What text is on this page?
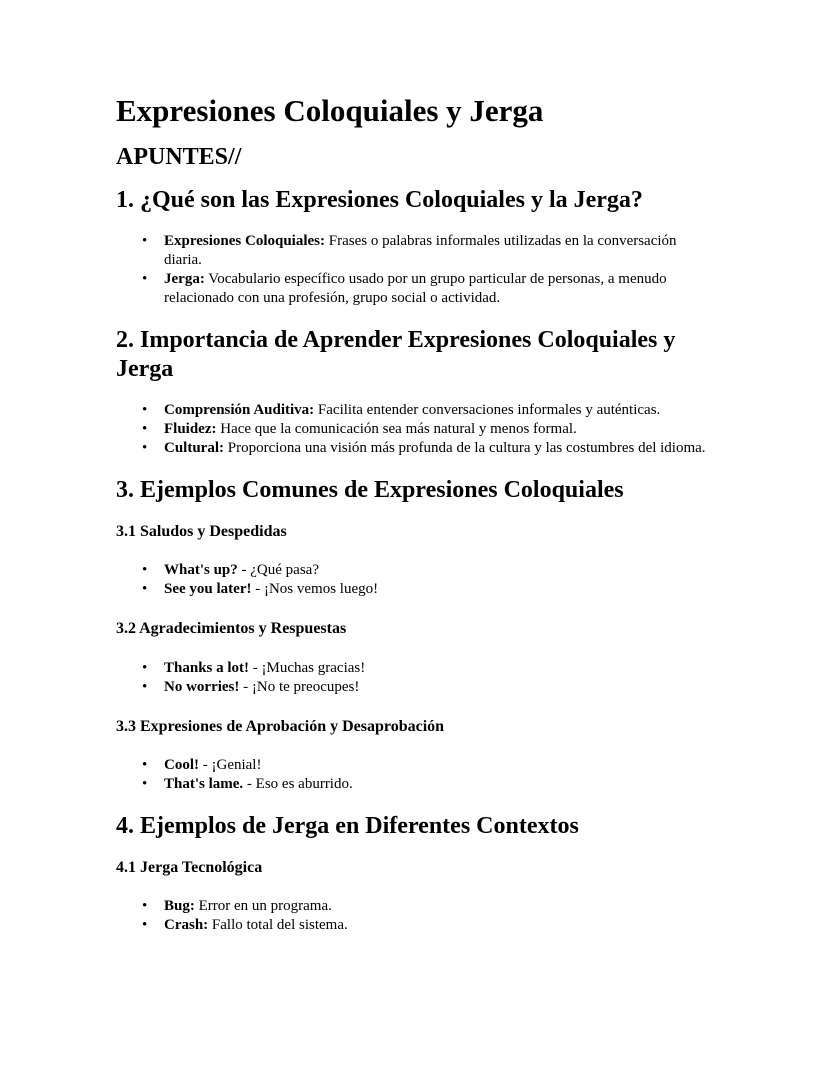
Expresiones Coloquiales y Jerga
APUNTES//
1. ¿Qué son las Expresiones Coloquiales y la Jerga?
• Expresiones Coloquiales: Frases o palabras informales utilizadas en la conversación diaria.
• Jerga: Vocabulario específico usado por un grupo particular de personas, a menudo relacionado con una profesión, grupo social o actividad.
2. Importancia de Aprender Expresiones Coloquiales y Jerga
• Comprensión Auditiva: Facilita entender conversaciones informales y auténticas.
• Fluidez: Hace que la comunicación sea más natural y menos formal.
• Cultural: Proporciona una visión más profunda de la cultura y las costumbres del idioma.
3. Ejemplos Comunes de Expresiones Coloquiales
3.1 Saludos y Despedidas
• What's up? - ¿Qué pasa?
• See you later! - ¡Nos vemos luego!
3.2 Agradecimientos y Respuestas
• Thanks a lot! - ¡Muchas gracias!
• No worries! - ¡No te preocupes!
3.3 Expresiones de Aprobación y Desaprobación
• Cool! - ¡Genial!
• That's lame. - Eso es aburrido.
4. Ejemplos de Jerga en Diferentes Contextos
4.1 Jerga Tecnológica
• Bug: Error en un programa.
• Crash: Fallo total del sistema.
